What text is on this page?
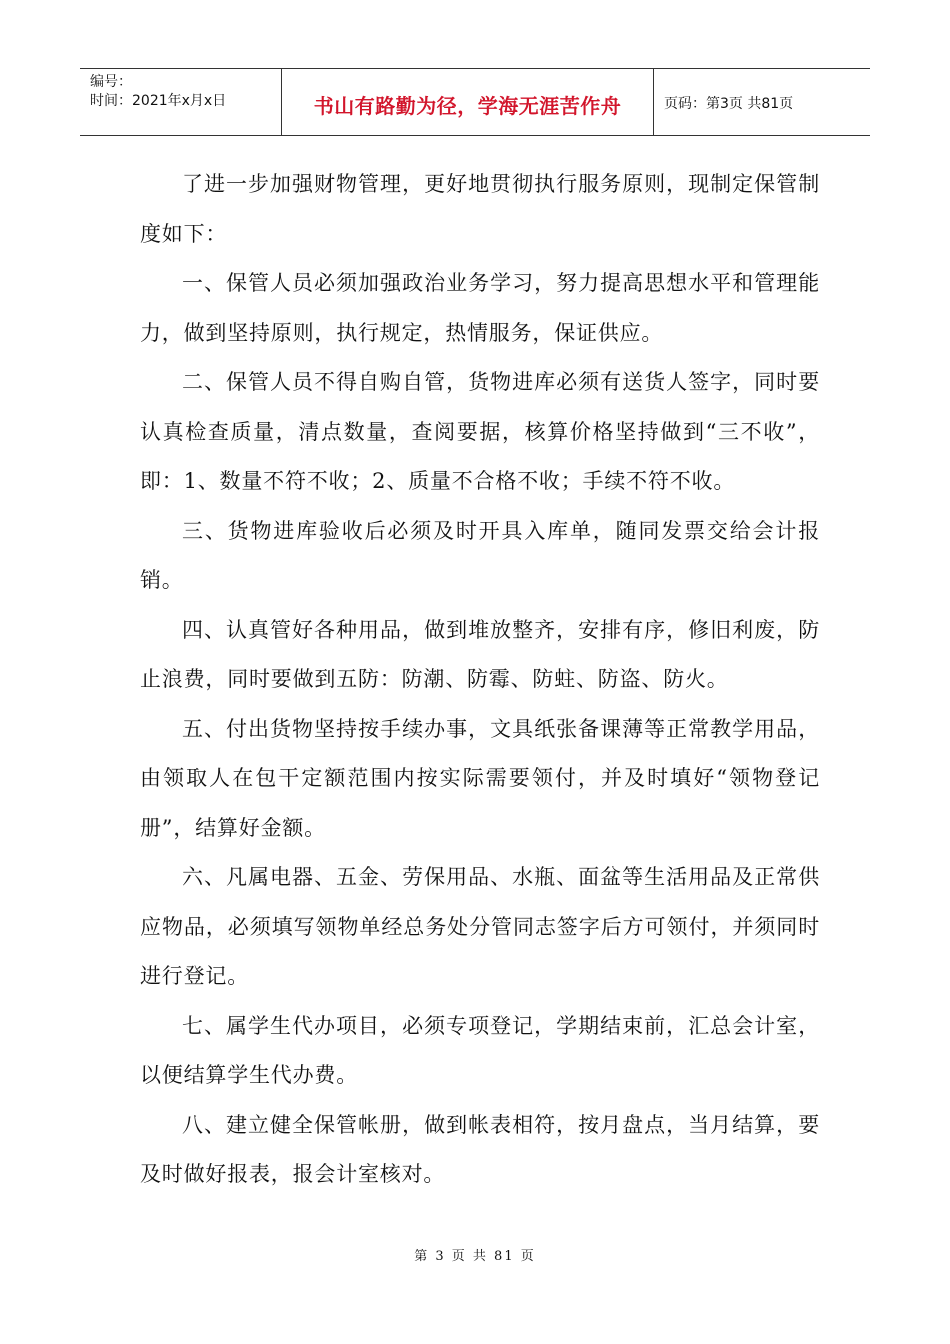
编号：
时间：2021年x月x日	书山有路勤为径，学海无涯苦作舟	页码：第3页 共81页

了进一步加强财物管理，更好地贯彻执行服务原则，现制定保管制度如下：

一、保管人员必须加强政治业务学习，努力提高思想水平和管理能力，做到坚持原则，执行规定，热情服务，保证供应。

二、保管人员不得自购自管，货物进库必须有送货人签字，同时要认真检查质量，清点数量，查阅要据，核算价格坚持做到“三不收”，即：1、数量不符不收；2、质量不合格不收；手续不符不收。

三、货物进库验收后必须及时开具入库单，随同发票交给会计报销。

四、认真管好各种用品，做到堆放整齐，安排有序，修旧利废，防止浪费，同时要做到五防：防潮、防霉、防蛀、防盗、防火。

五、付出货物坚持按手续办事，文具纸张备课薄等正常教学用品，由领取人在包干定额范围内按实际需要领付，并及时填好“领物登记册”，结算好金额。

六、凡属电器、五金、劳保用品、水瓶、面盆等生活用品及正常供应物品，必须填写领物单经总务处分管同志签字后方可领付，并须同时进行登记。

七、属学生代办项目，必须专项登记，学期结束前，汇总会计室，以便结算学生代办费。

八、建立健全保管帐册，做到帐表相符，按月盘点，当月结算，要及时做好报表，报会计室核对。

第 3 页 共 81 页
